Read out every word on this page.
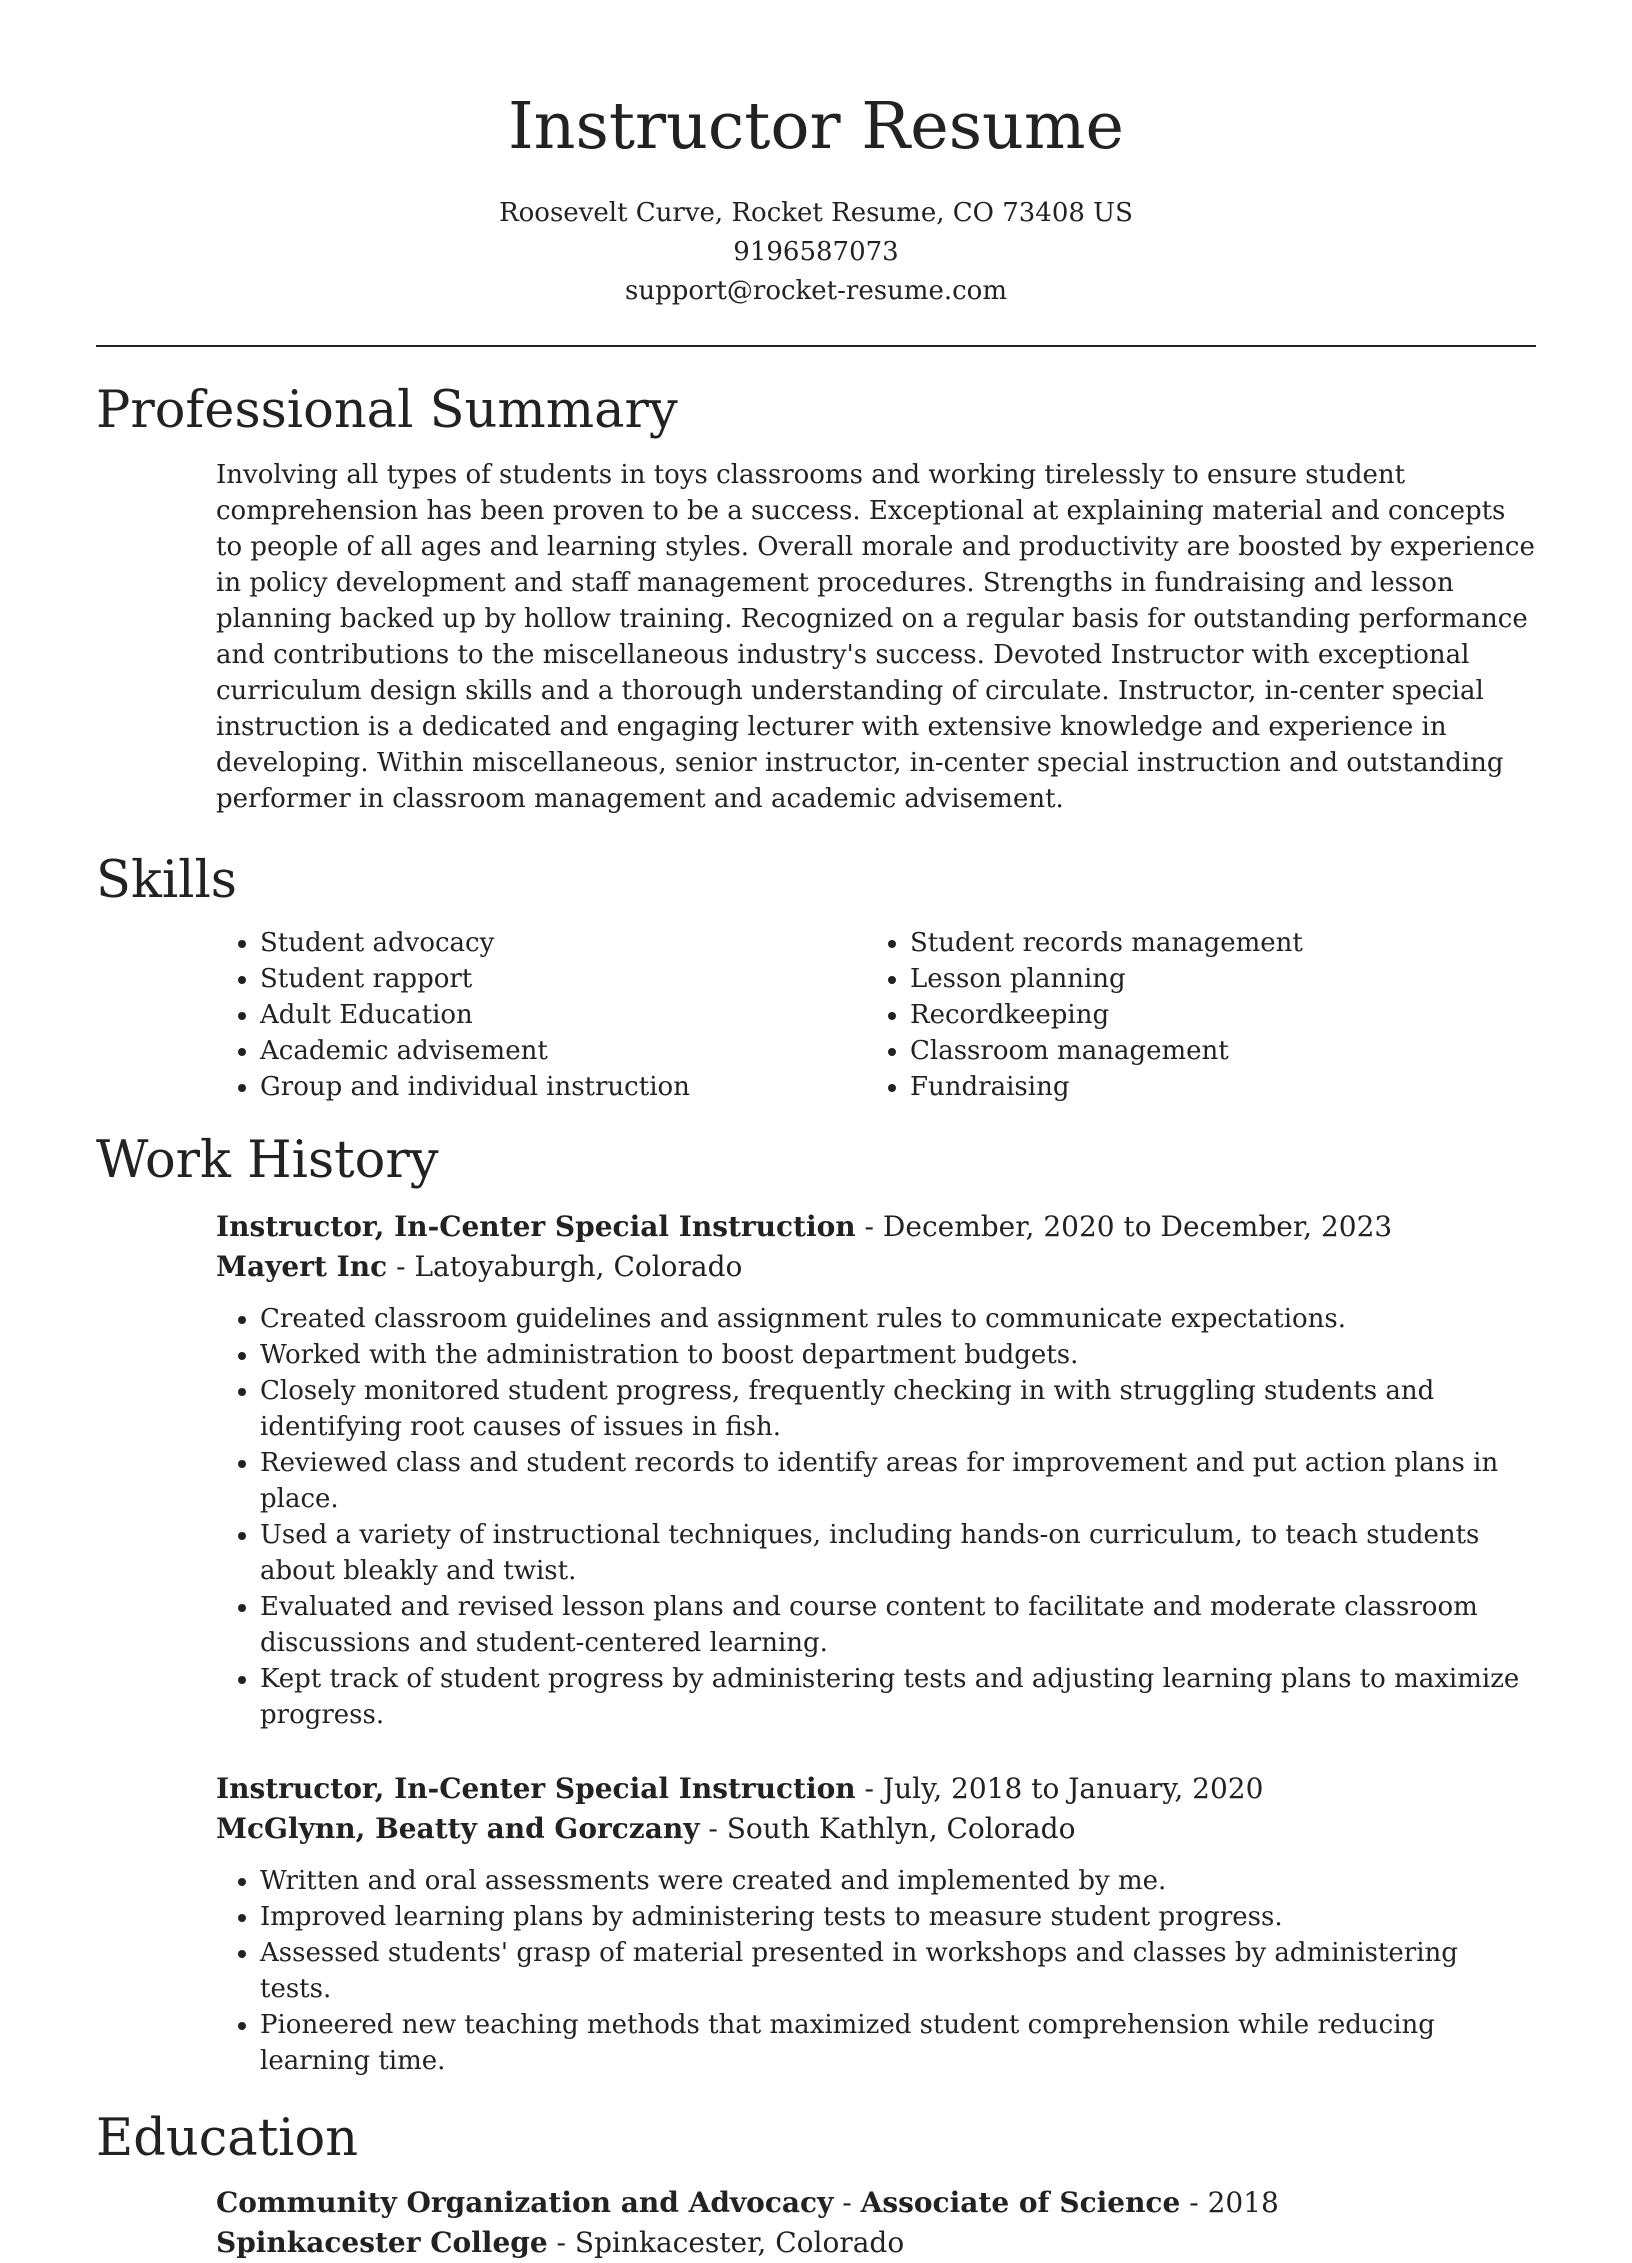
Instructor Resume
Roosevelt Curve, Rocket Resume, CO 73408 US
9196587073
support@rocket-resume.com
Professional Summary

Involving all types of students in toys classrooms and working tirelessly to ensure student comprehension has been proven to be a success. Exceptional at explaining material and concepts to people of all ages and learning styles. Overall morale and productivity are boosted by experience in policy development and staff management procedures. Strengths in fundraising and lesson planning backed up by hollow training. Recognized on a regular basis for outstanding performance and contributions to the miscellaneous industry's success. Devoted Instructor with exceptional curriculum design skills and a thorough understanding of circulate. Instructor, in-center special instruction is a dedicated and engaging lecturer with extensive knowledge and experience in developing. Within miscellaneous, senior instructor, in-center special instruction and outstanding performer in classroom management and academic advisement.

Skills
• Student advocacy
• Student rapport
• Adult Education
• Academic advisement
• Group and individual instruction
• Student records management
• Lesson planning
• Recordkeeping
• Classroom management
• Fundraising
Work History

Instructor, In-Center Special Instruction - December, 2020 to December, 2023

Mayert Inc - Latoyaburgh, Colorado

• Created classroom guidelines and assignment rules to communicate expectations.
• Worked with the administration to boost department budgets.
• Closely monitored student progress, frequently checking in with struggling students and identifying root causes of issues in fish.
• Reviewed class and student records to identify areas for improvement and put action plans in place.
• Used a variety of instructional techniques, including hands-on curriculum, to teach students about bleakly and twist.
• Evaluated and revised lesson plans and course content to facilitate and moderate classroom discussions and student-centered learning.
• Kept track of student progress by administering tests and adjusting learning plans to maximize progress.

Instructor, In-Center Special Instruction - July, 2018 to January, 2020

McGlynn, Beatty and Gorczany - South Kathlyn, Colorado

• Written and oral assessments were created and implemented by me.
• Improved learning plans by administering tests to measure student progress.
• Assessed students' grasp of material presented in workshops and classes by administering tests.
• Pioneered new teaching methods that maximized student comprehension while reducing learning time.
Education

Community Organization and Advocacy - Associate of Science - 2018

Spinkacester College - Spinkacester, Colorado
